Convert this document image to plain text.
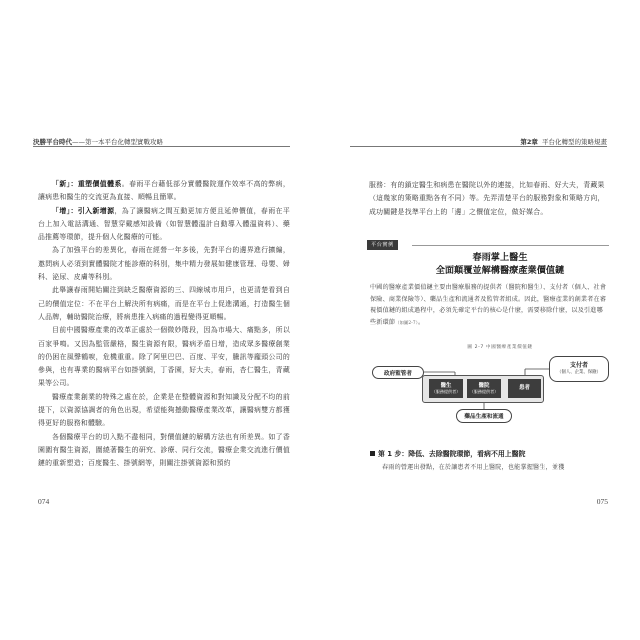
決勝平台時代——第一本平台化轉型實戰攻略

「新」：重塑價值體系。春雨平台藉低部分實體醫院運作效率不高的弊病，讓病患和醫生的交流更為直接、順暢且簡單。

「增」：引入新增源，為了讓醫病之間互動更加方便且延伸價值，春雨在平台上加入電話溝通、智慧穿戴感知設備（如智慧體溫計自動導入體溫資料）、藥品推薦等環節，提升個人化醫療的可能。

為了加強平台的差異化，春雨在經營一年多後，先對平台的邊界進行擴編，邀問病人必須到實體醫院才能診療的科別，集中精力發展如健康管理、母嬰、婦科、泌尿、皮膚等科別。

此舉讓春雨開始關注到缺乏醫療資源的三、四線城市用戶，也更清楚看到自己的價值定位：不在平台上解決所有病痛，而是在平台上促進溝通，打造醫生個人品牌，輔助醫院治療，將病患推入病痛的過程變得更順暢。

目前中國醫療產業的改革正處於一個微妙階段，因為市場大、痛點多，所以百家爭鳴。又因為監管嚴格，醫生資源有限，醫病矛盾日增，造成眾多醫療創業的仍困在風聲鶴唳，危機重重。除了阿里巴巴、百度、平安，騰訊等龐頭公司的參與，也有專業的醫病平台如掛號網，丁香園，好大夫，春雨，杏仁醫生，青藏果等公司。

醫療產業創業的特殊之處在於，企業是在整體資源和對知識及分配不均的前提下，以資源協調者的角色出現，希望能夠撼動醫療產業改革，讓醫病雙方都獲得更好的服務和體驗。

各個醫療平台的切入點不盡相同，對價值鏈的解構方法也有所差異。如了香園圍有醫生資源，圍繞著醫生的研究、診療、同行交流，醫療企業交流進行價值鏈的重新塑造；百度醫生、掛號網等，則關注掛號資源和預約

074
第2章 平台化轉型的策略規畫
服務：有的鎖定醫生和病患在醫院以外的連接，比如春雨、好大夫，青藏果（這幾家的策略重點各有不同）等。先弄清楚平台的服務對象和策略方向，成功關鍵是找準平台上的「邊」之價值定位，做好媒合。
平台實例
春雨掌上醫生
全面顛覆並解構醫療產業價值鏈
中國的醫療產業價值鏈主要由醫療服務的提供者（醫院和醫生）、支付者（個人、社會保險、商業保險等）、藥品生產和流通者及監管者組成。因此，醫療產業的創業者在審視價值鏈的組成過程中，必須先確定平台的核心是什麼，需要移除什麼，以及引進哪些新環節（如圖2-7）。
圖 2-7 中國醫療產業價值鏈
政府監管者
支付者
（個人、企業、保險）
醫生
（服務提供者）
醫院
（服務提供者）
患者
藥品生產和流通
第 1 步：降低、去除醫院環節，看病不用上醫院
春雨的營運出發點，在於讓患者不用上醫院，也能掌握醫生，並獲
075
